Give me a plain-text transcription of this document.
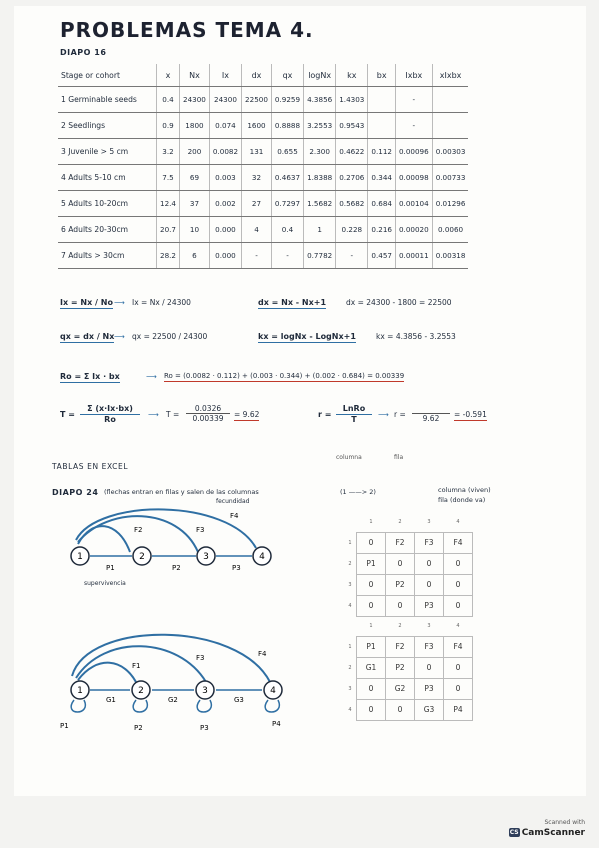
PROBLEMAS TEMA 4.
DIAPO 16
Stage or cohort	x	Nx	Ix	dx	qx	logNx	kx	bx	Ixbx	xIxbx
1 Germinable seeds	0.4	24300	24300	22500	0.9259	4.3856	1.4303		-	
2 Seedlings	0.9	1800	0.074	1600	0.8888	3.2553	0.9543		-	
3 Juvenile > 5 cm	3.2	200	0.0082	131	0.655	2.300	0.4622	0.112	0.00096	0.00303
4 Adults 5-10 cm	7.5	69	0.003	32	0.4637	1.8388	0.2706	0.344	0.00098	0.00733
5 Adults 10-20cm	12.4	37	0.002	27	0.7297	1.5682	0.5682	0.684	0.00104	0.01296
6 Adults 20-30cm	20.7	10	0.000	4	0.4	1	0.228	0.216	0.00020	0.0060
7 Adults > 30cm	28.2	6	0.000	-	-	0.7782	-	0.457	0.00011	0.00318
Ix = Nx / No ⟶ Ix = Nx / 24300	dx = Nx - Nx+1	dx = 24300 - 1800 = 22500
qx = dx / Nx ⟶ qx = 22500 / 24300	kx = logNx - LogNx+1	kx = 4.3856 - 3.2553
Ro = Σ Ix · bx	⟶ Ro = (0.0082 · 0.112) + (0.003 · 0.344) + (0.002 · 0.684) = 0.00339
T =
Σ (x·Ix·bx)
Ro
⟶ T =
0.0326
0.00339	= 9.62	r =
LnRo
T
⟶ r =	9.62	= -0.591
TABLAS EN EXCEL
columna	fila
DIAPO 24 (flechas entran en filas y salen de las columnas	(1 ——> 2)	columna (viven)
fila (donde va)
fecundidad
1	2	3	4
P1	P2	P3
F2	F3
F4
supervivencia
	1	2	3	4
1	0	F2	F3	F4
2	P1	0	0	0
3	0	P2	0	0
4	0	0	P3	0
1	2	3	4
G1	G2	G3
F1
F3	F4
P1	P2	P3	P4
	1	2	3	4
1	P1	F2	F3	F4
2	G1	P2	0	0
3	0	G2	P3	0
4	0	0	G3	P4
Scanned with
CS CamScanner
